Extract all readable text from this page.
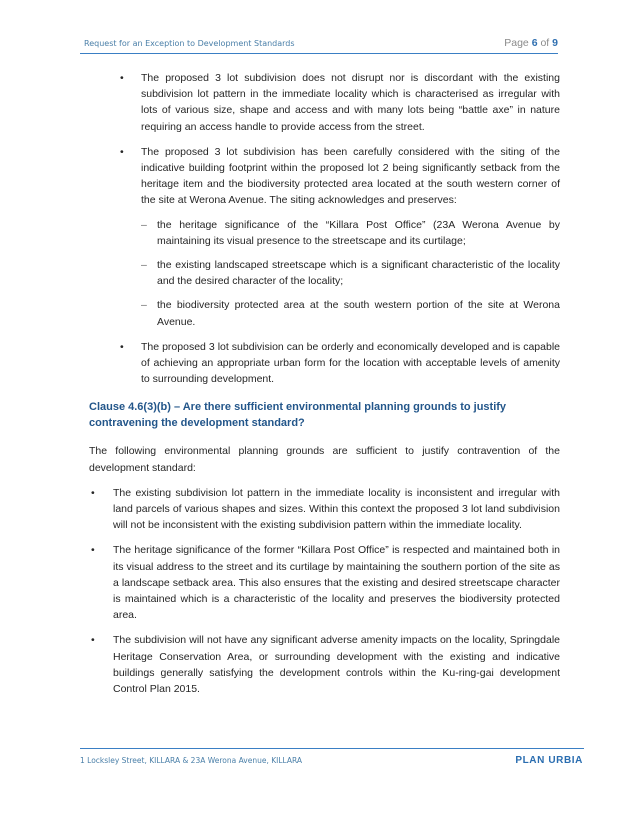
Request for an Exception to Development Standards	Page 6 of 9
• The proposed 3 lot subdivision does not disrupt nor is discordant with the existing subdivision lot pattern in the immediate locality which is characterised as irregular with lots of various size, shape and access and with many lots being “battle axe” in nature requiring an access handle to provide access from the street.
• The proposed 3 lot subdivision has been carefully considered with the siting of the indicative building footprint within the proposed lot 2 being significantly setback from the heritage item and the biodiversity protected area located at the south western corner of the site at Werona Avenue. The siting acknowledges and preserves:
– the heritage significance of the “Killara Post Office” (23A Werona Avenue by maintaining its visual presence to the streetscape and its curtilage;
– the existing landscaped streetscape which is a significant characteristic of the locality and the desired character of the locality;
– the biodiversity protected area at the south western portion of the site at Werona Avenue.
• The proposed 3 lot subdivision can be orderly and economically developed and is capable of achieving an appropriate urban form for the location with acceptable levels of amenity to surrounding development.
Clause 4.6(3)(b) – Are there sufficient environmental planning grounds to justify contravening the development standard?
The following environmental planning grounds are sufficient to justify contravention of the development standard:
• The existing subdivision lot pattern in the immediate locality is inconsistent and irregular with land parcels of various shapes and sizes. Within this context the proposed 3 lot land subdivision will not be inconsistent with the existing subdivision pattern within the immediate locality.
• The heritage significance of the former “Killara Post Office” is respected and maintained both in its visual address to the street and its curtilage by maintaining the southern portion of the site as a landscape setback area. This also ensures that the existing and desired streetscape character is maintained which is a characteristic of the locality and preserves the biodiversity protected area.
• The subdivision will not have any significant adverse amenity impacts on the locality, Springdale Heritage Conservation Area, or surrounding development with the existing and indicative buildings generally satisfying the development controls within the Ku-ring-gai development Control Plan 2015.
1 Locksley Street, KILLARA & 23A Werona Avenue, KILLARA	PLAN URBIA
